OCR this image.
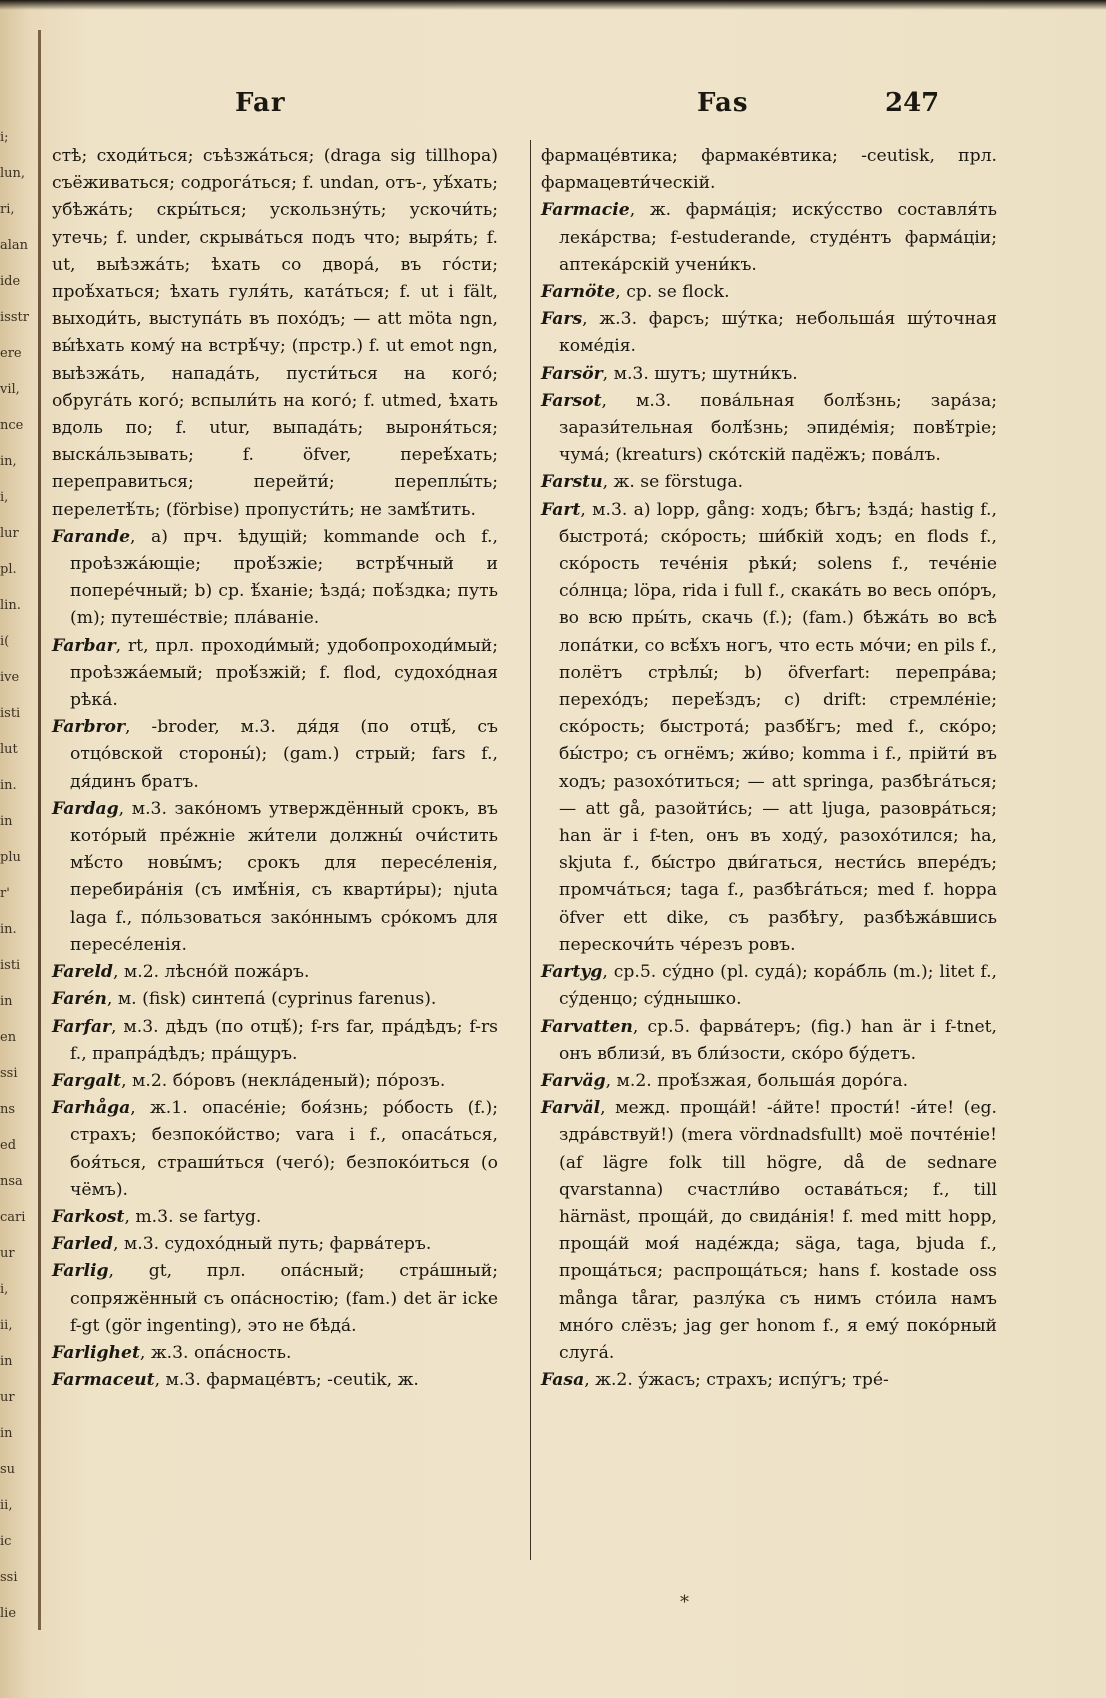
i;
lun,
ri,
alan
ide
isstr
ere
vil,
nce
in,
i,
lur
pl.
lin.
i(
ive
isti
lut
in.
in
plu
r'
in.
isti
in
en
ssi
ns
ed
nsa
cari
ur
i,
ii,
in
ur
in
su
ii,
ic
ssi
lie
Far	Fas	247

стѣ; сходи́ться; съѣзжа́ться; (draga sig tillhopa) съёживаться; содрога́ться; f. undan, отъ-, уѣ́хать; убѣжа́ть; скры́ться; ускользну́ть; ускочи́ть; утечь; f. under, скрыва́ться подъ что; выря́ть; f. ut, выѣзжа́ть; ѣхать со двора́, въ го́сти; проѣ́хаться; ѣхать гуля́ть, ката́ться; f. ut i fält, выходи́ть, выступа́ть въ похо́дъ; — att möta ngn, вы́ѣхать кому́ на встрѣ́чу; (прстр.) f. ut emot ngn, выѣзжа́ть, напада́ть, пусти́ться на кого́; обруга́ть кого́; вспыли́ть на кого́; f. utmed, ѣхать вдоль по; f. utur, выпада́ть; выроня́ться; выска́льзывать; f. öfver, переѣ́хать; переправиться; перейти́; переплы́ть; перелетѣ́ть; (förbise) пропусти́ть; не замѣ́тить.

Farande, a) прч. ѣдущій; kommande och f., проѣзжа́ющіе; проѣ́зжіе; встрѣ́чный и попере́чный; b) ср. ѣ́ханіе; ѣзда́; поѣ́здка; путь (m); путеше́ствіе; пла́ваніе.

Farbar, rt, прл. проходи́мый; удобопроходи́мый; проѣзжа́емый; проѣ́зжій; f. flod, судохо́дная рѣка́.

Farbror, -broder, м.3. дя́дя (по отцѣ́, съ отцо́вской стороны́); (gam.) стрый; fars f., дя́динъ братъ.

Fardag, м.3. зако́номъ утверждённый срокъ, въ кото́рый пре́жніе жи́тели должны́ очи́стить мѣ́сто новы́мъ; срокъ для пересе́ленія, перебира́нія (съ имѣ́нія, съ кварти́ры); njuta laga f., по́льзоваться зако́ннымъ сро́комъ для пересе́ленія.

Fareld, м.2. лѣсно́й пожа́ръ.

Farén, м. (fisk) синтепа́ (cyprinus farenus).

Farfar, м.3. дѣдъ (по отцѣ́); f-rs far, пра́дѣдъ; f-rs f., прапра́дѣдъ; пра́щуръ.

Fargalt, м.2. бо́ровъ (некла́деный); по́розъ.

Farhåga, ж.1. опасе́ніе; боя́знь; ро́бость (f.); страхъ; безпоко́йство; vara i f., опаса́ться, боя́ться, страши́ться (чего́); безпоко́иться (о чёмъ).

Farkost, m.3. se fartyg.

Farled, м.3. судохо́дный путь; фарва́теръ.

Farlig, gt, прл. опа́сный; стра́шный; сопряжённый съ опа́сностію; (fam.) det är icke f-gt (gör ingenting), это не бѣда́.

Farlighet, ж.3. опа́сность.

Farmaceut, м.3. фармаце́втъ; -ceutik, ж.

фармаце́втика; фармаке́втика; -ceutisk, прл. фармацевти́ческій.

Farmacie, ж. фарма́ція; иску́сство составля́ть лека́рства; f-estuderande, студе́нтъ фарма́ціи; аптека́рскій учени́къ.

Farnöte, ср. se flock.

Fars, ж.3. фарсъ; шу́тка; небольша́я шу́точная коме́дія.

Farsör, м.3. шутъ; шутни́къ.

Farsot, м.3. пова́льная болѣ́знь; зара́за; зарази́тельная болѣ́знь; эпиде́мія; повѣ́тріе; чума́; (kreaturs) ско́тскій падёжъ; пова́лъ.

Farstu, ж. se förstuga.

Fart, м.3. a) lopp, gång: ходъ; бѣгъ; ѣзда́; hastig f., быстрота́; ско́рость; ши́бкій ходъ; en flods f., ско́рость тече́нія рѣки́; solens f., тече́ніе со́лнца; löpa, rida i full f., скака́ть во весь опо́ръ, во всю пры́ть, скачь (f.); (fam.) бѣжа́ть во всѣ лопа́тки, со всѣ́хъ ногъ, что есть мо́чи; en pils f., полётъ стрѣлы́; b) öfverfart: перепра́ва; перехо́дъ; переѣ́здъ; c) drift: стремле́ніе; ско́рость; быстрота́; разбѣ́гъ; med f., ско́ро; бы́стро; съ огнёмъ; жи́во; komma i f., прійти́ въ ходъ; разохо́титься; — att springa, разбѣга́ться; — att gå, разойти́сь; — att ljuga, разовра́ться; han är i f-ten, онъ въ ходу́, разохо́тился; ha, skjuta f., бы́стро дви́гаться, нести́сь впере́дъ; промча́ться; taga f., разбѣга́ться; med f. hoppa öfver ett dike, съ разбѣгу, разбѣжа́вшись перескочи́ть че́резъ ровъ.

Fartyg, ср.5. су́дно (pl. суда́); кора́бль (m.); litet f., су́денцо; су́днышко.

Farvatten, ср.5. фарва́теръ; (fig.) han är i f-tnet, онъ вблизи́, въ бли́зости, ско́ро бу́детъ.

Farväg, м.2. проѣ́зжая, больша́я доро́га.

Farväl, межд. проща́й! -а́йте! прости́! -и́те! (eg. здра́вствуй!) (mera vördnadsfullt) моё почте́ніе! (af lägre folk till högre, då de sednare qvarstanna) счастли́во остава́ться; f., till härnäst, проща́й, до свида́нія! f. med mitt hopp, проща́й моя́ наде́жда; säga, taga, bjuda f., проща́ться; распроща́ться; hans f. kostade oss många tårar, разлу́ка съ нимъ сто́ила намъ мно́го слёзъ; jag ger honom f., я ему́ поко́рный слуга́.

Fasa, ж.2. у́жасъ; страхъ; испу́гъ; тре́-

*
